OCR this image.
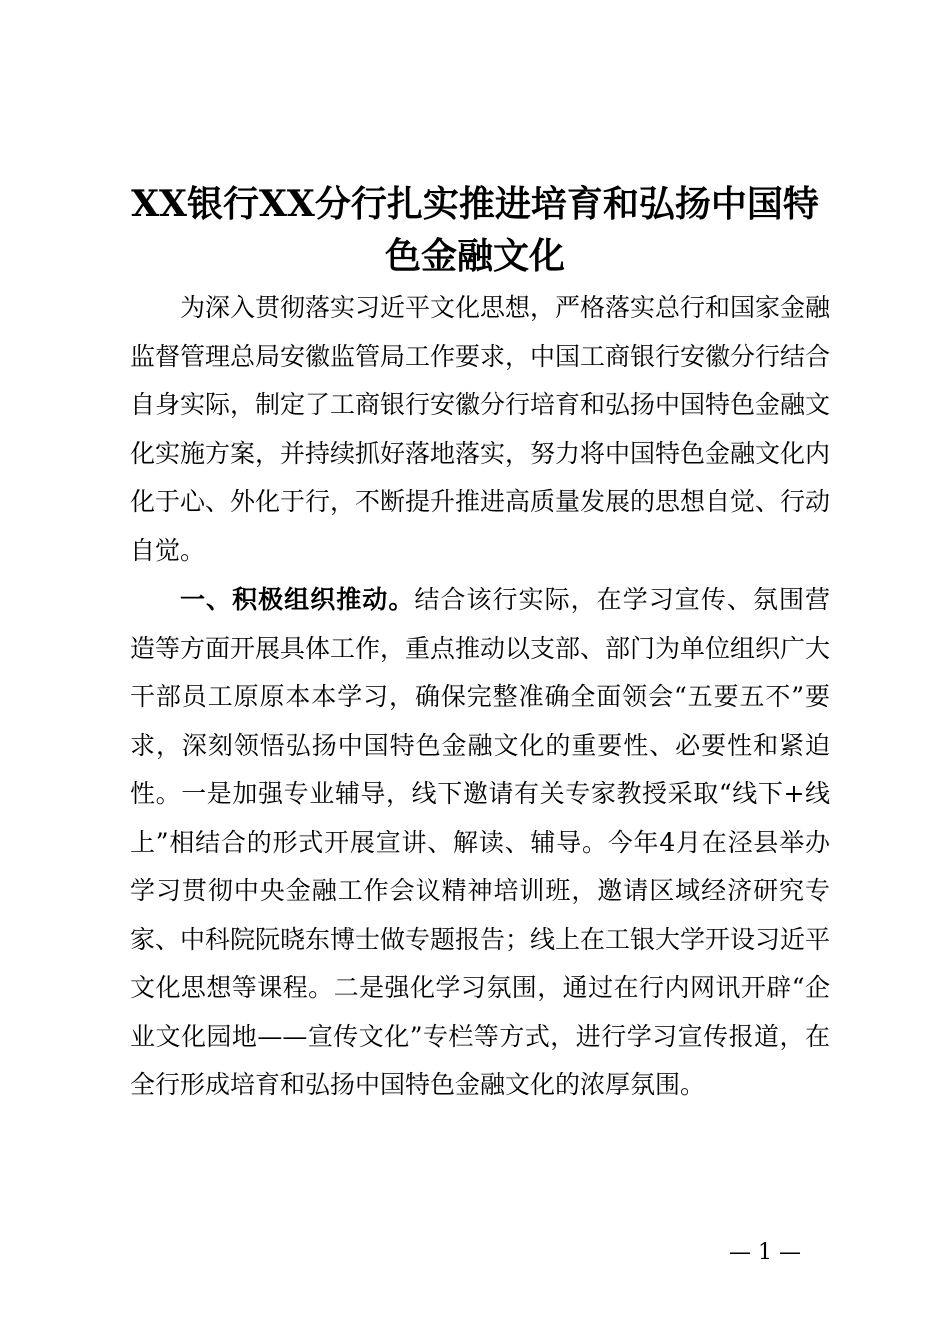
XX银行XX分行扎实推进培育和弘扬中国特色金融文化

为深入贯彻落实习近平文化思想，严格落实总行和国家金融监督管理总局安徽监管局工作要求，中国工商银行安徽分行结合自身实际，制定了工商银行安徽分行培育和弘扬中国特色金融文化实施方案，并持续抓好落地落实，努力将中国特色金融文化内化于心、外化于行，不断提升推进高质量发展的思想自觉、行动自觉。

一、积极组织推动。结合该行实际，在学习宣传、氛围营造等方面开展具体工作，重点推动以支部、部门为单位组织广大干部员工原原本本学习，确保完整准确全面领会“五要五不”要求，深刻领悟弘扬中国特色金融文化的重要性、必要性和紧迫性。一是加强专业辅导，线下邀请有关专家教授采取“线下+线上”相结合的形式开展宣讲、解读、辅导。今年4月在泾县举办学习贯彻中央金融工作会议精神培训班，邀请区域经济研究专家、中科院阮晓东博士做专题报告；线上在工银大学开设习近平文化思想等课程。二是强化学习氛围，通过在行内网讯开辟“企业文化园地——宣传文化”专栏等方式，进行学习宣传报道，在全行形成培育和弘扬中国特色金融文化的浓厚氛围。

— 1 —
